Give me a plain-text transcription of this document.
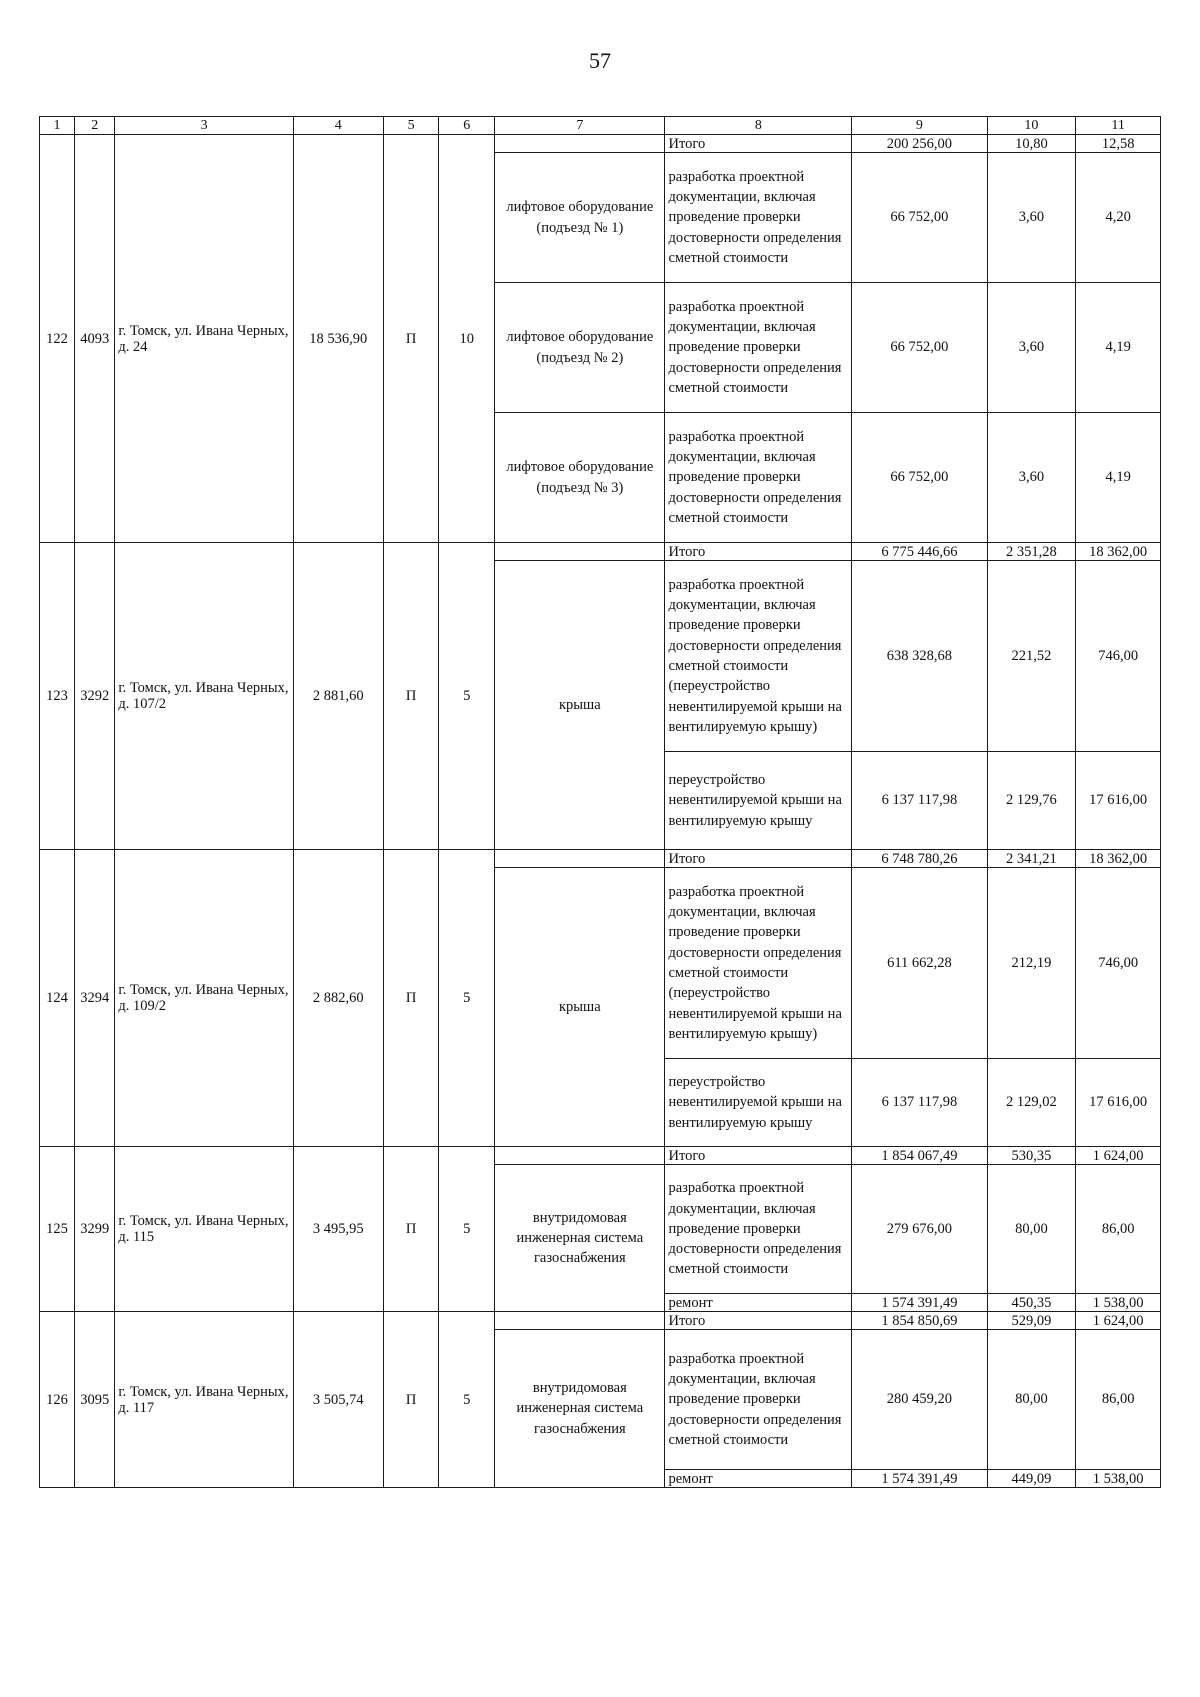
57
1	2	3	4	5	6	7	8	9	10	11
122	4093	г. Томск, ул. Ивана Черных, д. 24	18 536,90	П	10		Итого	200 256,00	10,80	12,58
						лифтовое оборудование (подъезд № 1)	разработка проектной документации, включая проведение проверки достоверности определения сметной стоимости	66 752,00	3,60	4,20
						лифтовое оборудование (подъезд № 2)	разработка проектной документации, включая проведение проверки достоверности определения сметной стоимости	66 752,00	3,60	4,19
						лифтовое оборудование (подъезд № 3)	разработка проектной документации, включая проведение проверки достоверности определения сметной стоимости	66 752,00	3,60	4,19
123	3292	г. Томск, ул. Ивана Черных, д. 107/2	2 881,60	П	5		Итого	6 775 446,66	2 351,28	18 362,00
						крыша	разработка проектной документации, включая проведение проверки достоверности определения сметной стоимости (переустройство невентилируемой крыши на вентилируемую крышу)	638 328,68	221,52	746,00
							переустройство невентилируемой крыши на вентилируемую крышу	6 137 117,98	2 129,76	17 616,00
124	3294	г. Томск, ул. Ивана Черных, д. 109/2	2 882,60	П	5		Итого	6 748 780,26	2 341,21	18 362,00
						крыша	разработка проектной документации, включая проведение проверки достоверности определения сметной стоимости (переустройство невентилируемой крыши на вентилируемую крышу)	611 662,28	212,19	746,00
							переустройство невентилируемой крыши на вентилируемую крышу	6 137 117,98	2 129,02	17 616,00
125	3299	г. Томск, ул. Ивана Черных, д. 115	3 495,95	П	5		Итого	1 854 067,49	530,35	1 624,00
						внутридомовая инженерная система газоснабжения	разработка проектной документации, включая проведение проверки достоверности определения сметной стоимости	279 676,00	80,00	86,00
							ремонт	1 574 391,49	450,35	1 538,00
126	3095	г. Томск, ул. Ивана Черных, д. 117	3 505,74	П	5		Итого	1 854 850,69	529,09	1 624,00
						внутридомовая инженерная система газоснабжения	разработка проектной документации, включая проведение проверки достоверности определения сметной стоимости	280 459,20	80,00	86,00
							ремонт	1 574 391,49	449,09	1 538,00
